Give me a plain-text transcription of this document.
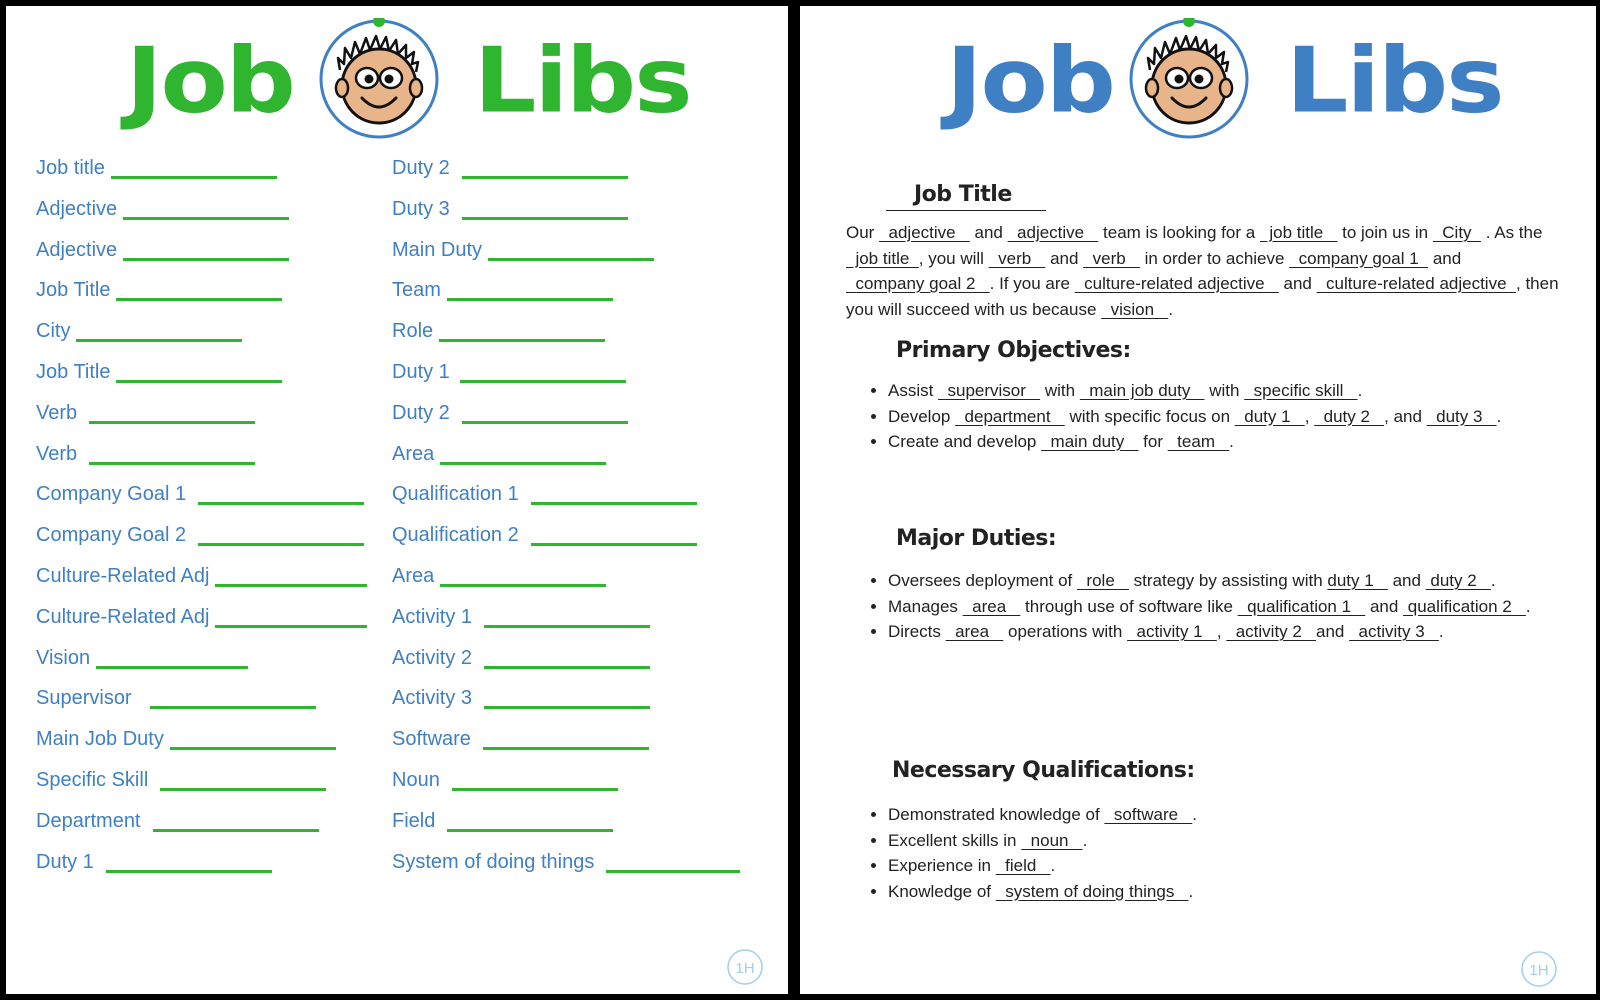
Job Libs
Job title
Adjective
Adjective
Job Title
City
Job Title
Verb
Verb
Company Goal 1
Company Goal 2
Culture-Related Adj
Culture-Related Adj
Vision
Supervisor
Main Job Duty
Specific Skill
Department
Duty 1
Duty 2
Duty 3
Main Duty
Team
Role
Duty 1
Duty 2
Area
Qualification 1
Qualification 2
Area
Activity 1
Activity 2
Activity 3
Software
Noun
Field
System of doing things
1H
Job Libs
Job Title

Our   adjective    and   adjective    team is looking for a   job title    to join us in   City   . As the   job title  , you will   verb    and   verb    in order to achieve   company goal 1   and   company goal 2   . If you are   culture-related adjective    and   culture-related adjective  , then you will succeed with us because   vision   .

Primary Objectives:
• Assist   supervisor    with   main job duty    with   specific skill   .
• Develop   department    with specific focus on   duty 1   ,   duty 2   , and   duty 3   .
• Create and develop   main duty    for   team   .
Major Duties:
• Oversees deployment of   role    strategy by assisting with duty 1    and  duty 2   .
• Manages   area    through use of software like   qualification 1    and  qualification 2   .
• Directs   area    operations with   activity 1   ,   activity 2   and   activity 3   .
Necessary Qualifications:
• Demonstrated knowledge of   software   .
• Excellent skills in   noun   .
• Experience in   field   .
• Knowledge of   system of doing things   .
1H
